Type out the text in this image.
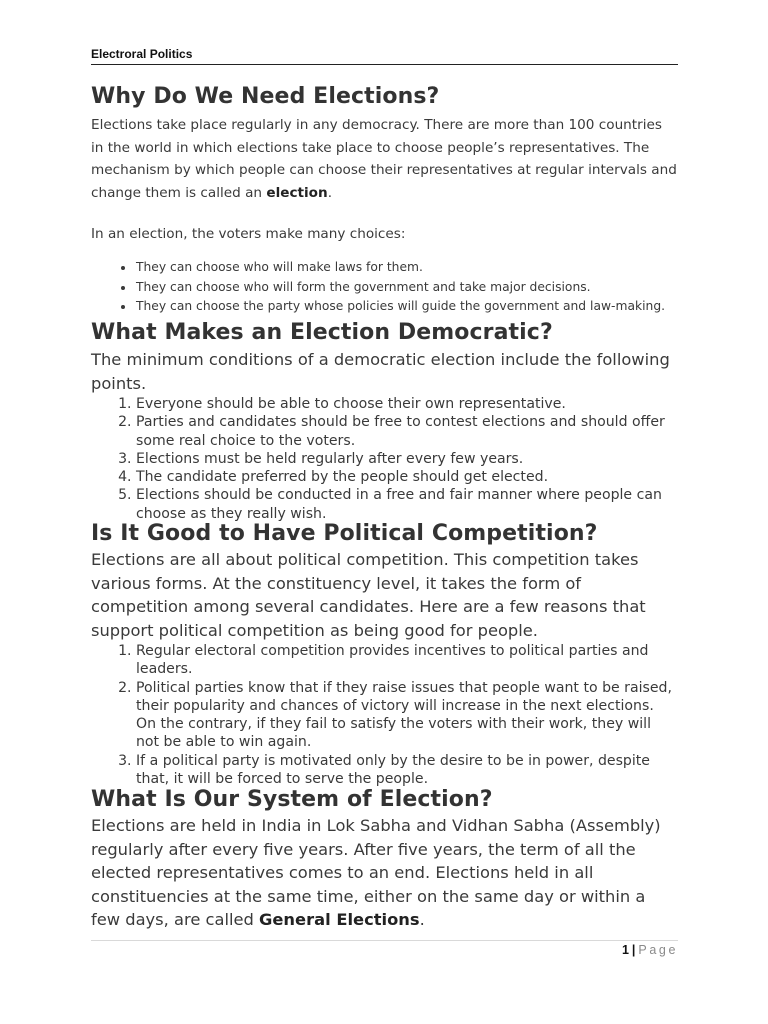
Electroral Politics
Why Do We Need Elections?

Elections take place regularly in any democracy. There are more than 100 countries in the world in which elections take place to choose people’s representatives. The mechanism by which people can choose their representatives at regular intervals and change them is called an election.

In an election, the voters make many choices:

• They can choose who will make laws for them.
• They can choose who will form the government and take major decisions.
• They can choose the party whose policies will guide the government and law-making.
What Makes an Election Democratic?

The minimum conditions of a democratic election include the following points.

1. Everyone should be able to choose their own representative.
2. Parties and candidates should be free to contest elections and should offer some real choice to the voters.
3. Elections must be held regularly after every few years.
4. The candidate preferred by the people should get elected.
5. Elections should be conducted in a free and fair manner where people can choose as they really wish.
Is It Good to Have Political Competition?

Elections are all about political competition. This competition takes various forms. At the constituency level, it takes the form of competition among several candidates. Here are a few reasons that support political competition as being good for people.

1. Regular electoral competition provides incentives to political parties and leaders.
2. Political parties know that if they raise issues that people want to be raised, their popularity and chances of victory will increase in the next elections. On the contrary, if they fail to satisfy the voters with their work, they will not be able to win again.
3. If a political party is motivated only by the desire to be in power, despite that, it will be forced to serve the people.
What Is Our System of Election?

Elections are held in India in Lok Sabha and Vidhan Sabha (Assembly) regularly after every five years. After five years, the term of all the elected representatives comes to an end. Elections held in all constituencies at the same time, either on the same day or within a few days, are called General Elections.

1 | Page
